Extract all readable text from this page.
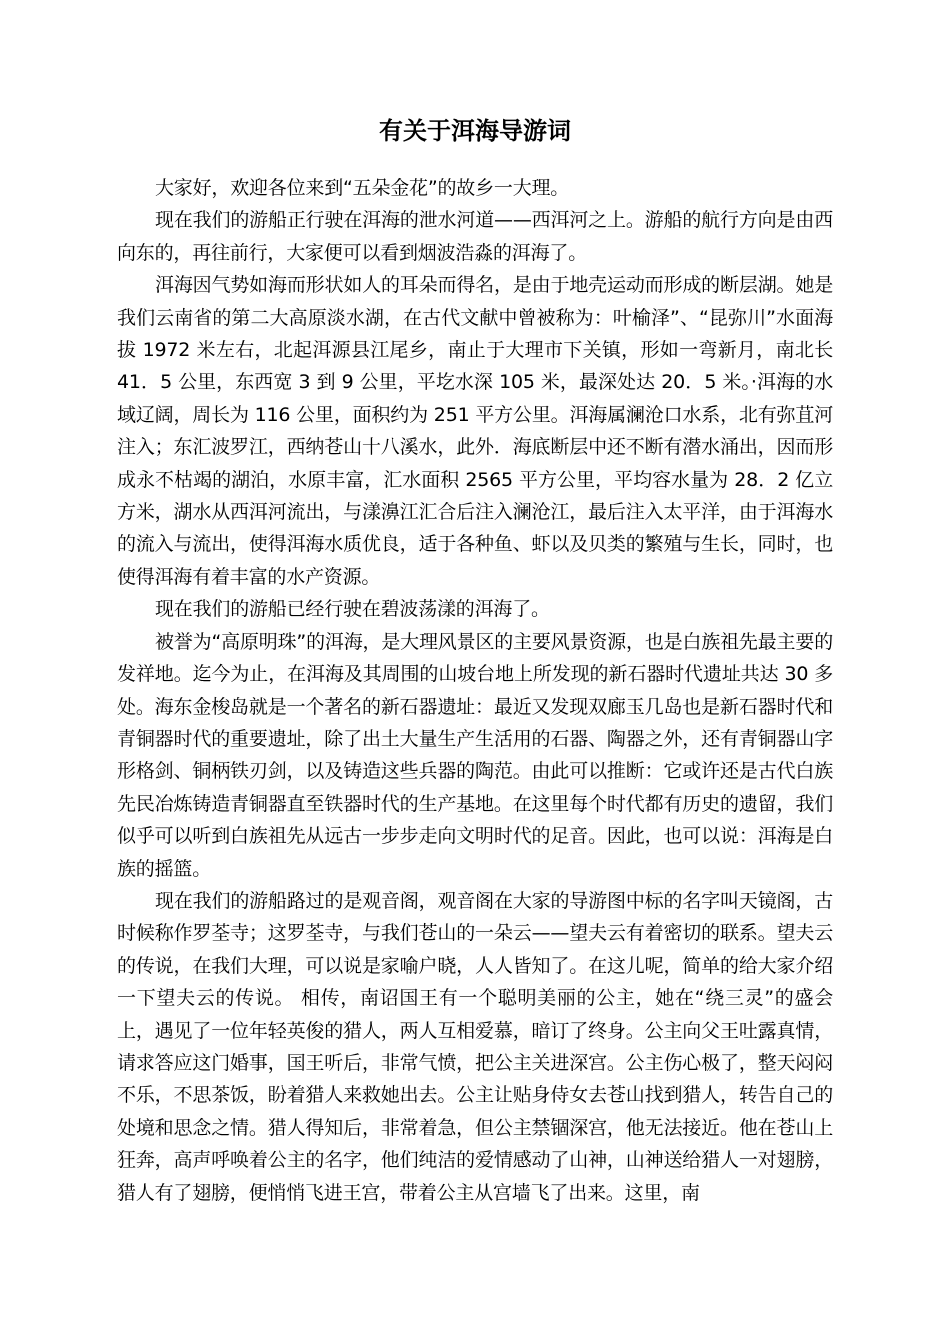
有关于洱海导游词

大家好，欢迎各位来到“五朵金花”的故乡一大理。

现在我们的游船正行驶在洱海的泄水河道——西洱河之上。游船的航行方向是由西向东的，再往前行，大家便可以看到烟波浩淼的洱海了。

洱海因气势如海而形状如人的耳朵而得名，是由于地壳运动而形成的断层湖。她是我们云南省的第二大高原淡水湖，在古代文献中曾被称为：叶榆泽”、“昆弥川”水面海拔 1972 米左右，北起洱源县江尾乡，南止于大理市下关镇，形如一弯新月，南北长 41．5 公里，东西宽 3 到 9 公里，平圪水深 105 米，最深处达 20．5 米。·洱海的水域辽阔，周长为 116 公里，面积约为 251 平方公里。洱海属澜沧口水系，北有弥苴河注入；东汇波罗江，西纳苍山十八溪水，此外．海底断层中还不断有潜水涌出，因而形成永不枯竭的湖泊，水原丰富，汇水面积 2565 平方公里，平均容水量为 28．2 亿立方米，湖水从西洱河流出，与漾濞江汇合后注入澜沧江，最后注入太平洋，由于洱海水的流入与流出，使得洱海水质优良，适于各种鱼、虾以及贝类的繁殖与生长，同时，也使得洱海有着丰富的水产资源。

现在我们的游船已经行驶在碧波荡漾的洱海了。

被誉为“高原明珠”的洱海，是大理风景区的主要风景资源，也是白族祖先最主要的发祥地。迄今为止，在洱海及其周围的山坡台地上所发现的新石器时代遗址共达 30 多处。海东金梭岛就是一个著名的新石器遗址：最近又发现双廊玉几岛也是新石器时代和青铜器时代的重要遗址，除了出土大量生产生活用的石器、陶器之外，还有青铜器山字形格剑、铜柄铁刃剑，以及铸造这些兵器的陶范。由此可以推断：它或许还是古代白族先民冶炼铸造青铜器直至铁器时代的生产基地。在这里每个时代都有历史的遗留，我们似乎可以听到白族祖先从远古一步步走向文明时代的足音。因此，也可以说：洱海是白族的摇篮。

现在我们的游船路过的是观音阁，观音阁在大家的导游图中标的名字叫天镜阁，古时候称作罗荃寺；这罗荃寺，与我们苍山的一朵云——望夫云有着密切的联系。望夫云的传说，在我们大理，可以说是家喻户晓，人人皆知了。在这儿呢，简单的给大家介绍一下望夫云的传说。 相传，南诏国王有一个聪明美丽的公主，她在“绕三灵”的盛会上，遇见了一位年轻英俊的猎人，两人互相爱慕，暗订了终身。公主向父王吐露真情，请求答应这门婚事，国王听后，非常气愤，把公主关进深宫。公主伤心极了，整天闷闷不乐，不思茶饭，盼着猎人来救她出去。公主让贴身侍女去苍山找到猎人，转告自己的处境和思念之情。猎人得知后，非常着急，但公主禁锢深宫，他无法接近。他在苍山上狂奔，高声呼唤着公主的名字，他们纯洁的爱情感动了山神，山神送给猎人一对翅膀，猎人有了翅膀，便悄悄飞进王宫，带着公主从宫墙飞了出来。这里，南
